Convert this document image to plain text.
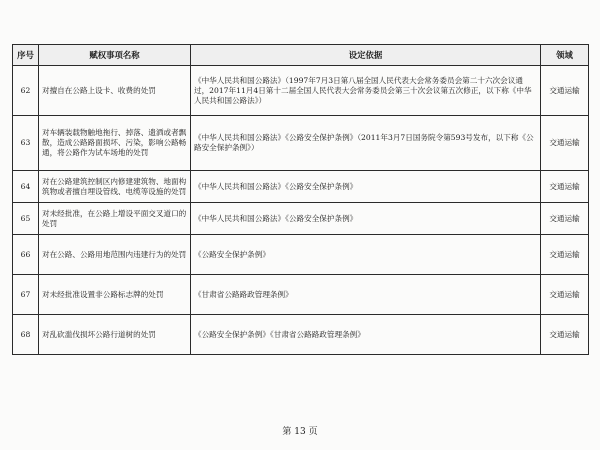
序号	赋权事项名称	设定依据	领域
62	对擅自在公路上设卡、收费的处罚	《中华人民共和国公路法》（1997年7月3日第八届全国人民代表大会常务委员会第二十六次会议通过，2017年11月4日第十二届全国人民代表大会常务委员会第三十次会议第五次修正，以下称《中华人民共和国公路法》）	交通运输
63	对车辆装载物触地拖行、掉落、遗洒或者飘散，造成公路路面损坏、污染，影响公路畅通，将公路作为试车场地的处罚	《中华人民共和国公路法》《公路安全保护条例》（2011年3月7日国务院令第593号发布，以下称《公路安全保护条例》）	交通运输
64	对在公路建筑控制区内修建建筑物、地面构筑物或者擅自埋设管线、电缆等设施的处罚	《中华人民共和国公路法》《公路安全保护条例》	交通运输
65	对未经批准，在公路上增设平面交叉道口的处罚	《中华人民共和国公路法》《公路安全保护条例》	交通运输
66	对在公路、公路用地范围内违建行为的处罚	《公路安全保护条例》	交通运输
67	对未经批准设置非公路标志牌的处罚	《甘肃省公路路政管理条例》	交通运输
68	对乱砍滥伐损坏公路行道树的处罚	《公路安全保护条例》《甘肃省公路路政管理条例》	交通运输
第 13 页
